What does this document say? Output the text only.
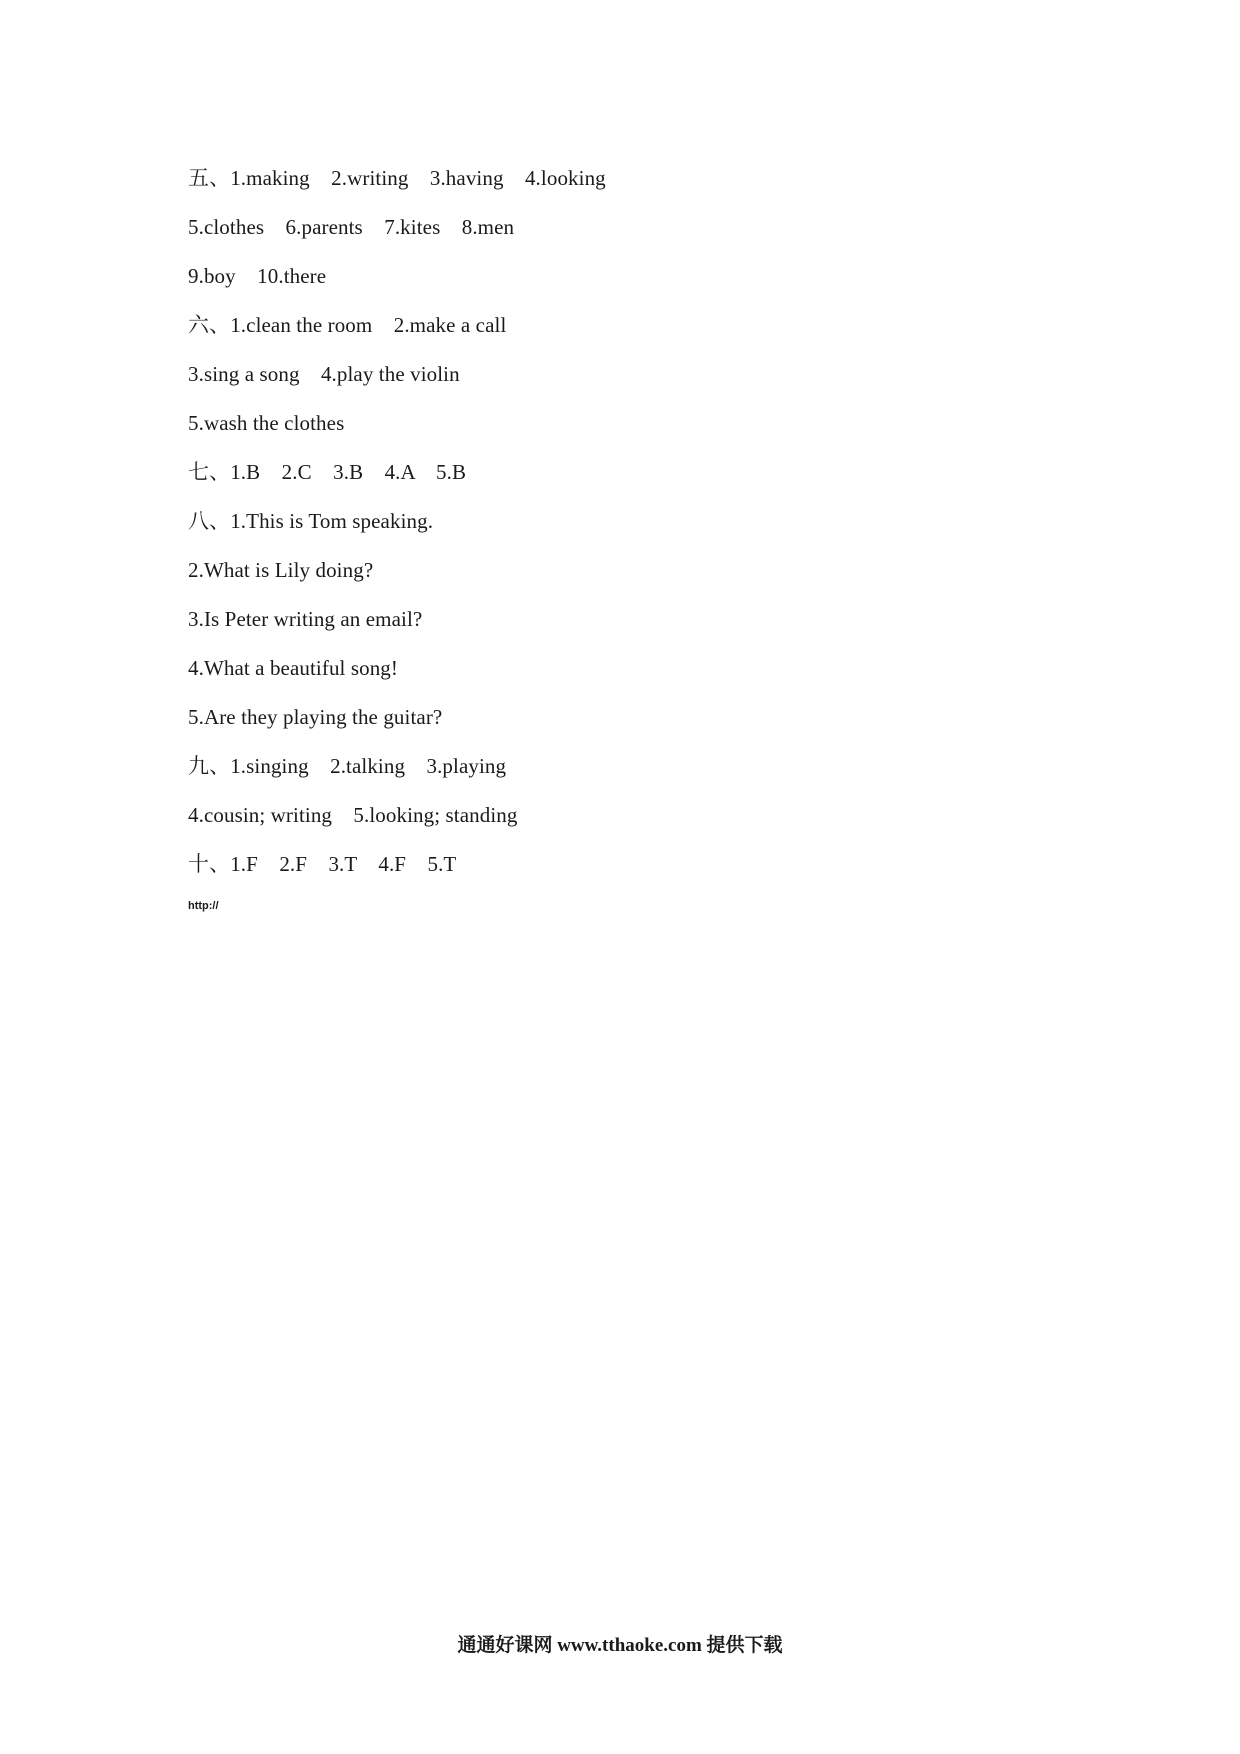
五、1.making    2.writing    3.having    4.looking
5.clothes    6.parents    7.kites    8.men
9.boy    10.there
六、1.clean the room    2.make a call
3.sing a song    4.play the violin
5.wash the clothes
七、1.B    2.C    3.B    4.A    5.B
八、1.This is Tom speaking.
2.What is Lily doing?
3.Is Peter writing an email?
4.What a beautiful song!
5.Are they playing the guitar?
九、1.singing    2.talking    3.playing
4.cousin; writing    5.looking; standing
十、1.F    2.F    3.T    4.F    5.T
http://
通通好课网 www.tthaoke.com 提供下载
